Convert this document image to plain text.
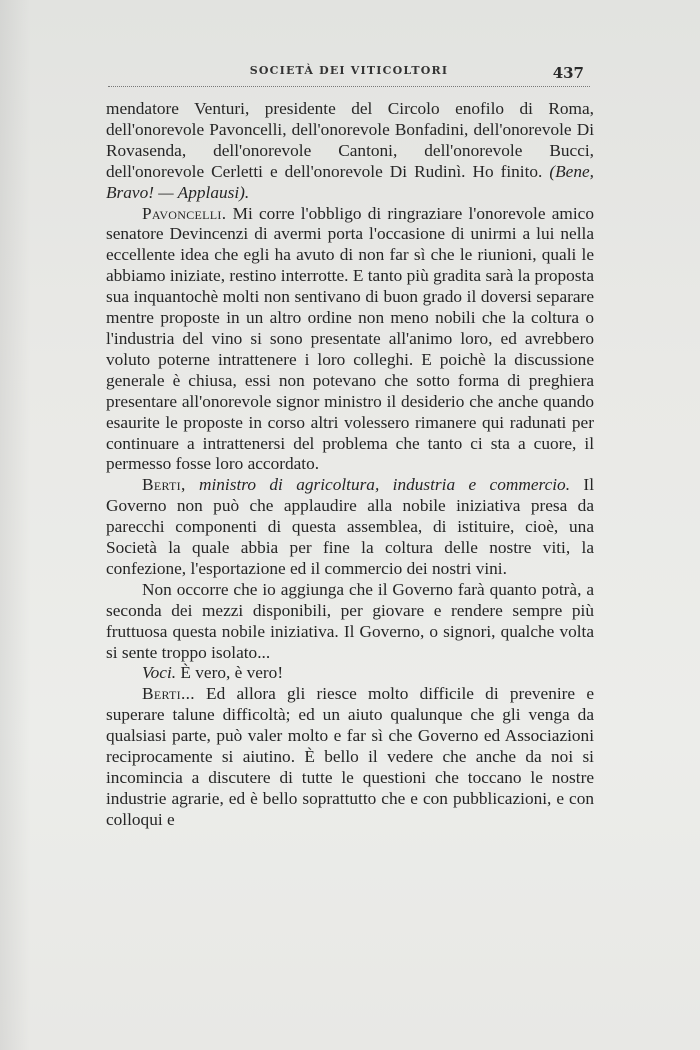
SOCIETÀ DEI VITICOLTORI	437

mendatore Venturi, presidente del Circolo enofilo di Roma, dell'onorevole Pavoncelli, dell'onorevole Bonfadini, dell'onorevole Di Rovasenda, dell'onorevole Cantoni, dell'onorevole Bucci, dell'onorevole Cerletti e dell'onorevole Di Rudinì. Ho finito. (Bene, Bravo! — Applausi).

Pavoncelli. Mi corre l'obbligo di ringraziare l'onorevole amico senatore Devincenzi di avermi porta l'occasione di unirmi a lui nella eccellente idea che egli ha avuto di non far sì che le riunioni, quali le abbiamo iniziate, restino interrotte. E tanto più gradita sarà la proposta sua inquantochè molti non sentivano di buon grado il doversi separare mentre proposte in un altro ordine non meno nobili che la coltura o l'industria del vino si sono presentate all'animo loro, ed avrebbero voluto poterne intrattenere i loro colleghi. E poichè la discussione generale è chiusa, essi non potevano che sotto forma di preghiera presentare all'onorevole signor ministro il desiderio che anche quando esaurite le proposte in corso altri volessero rimanere qui radunati per continuare a intrattenersi del problema che tanto ci sta a cuore, il permesso fosse loro accordato.

Berti, ministro di agricoltura, industria e commercio. Il Governo non può che applaudire alla nobile iniziativa presa da parecchi componenti di questa assemblea, di istituire, cioè, una Società la quale abbia per fine la coltura delle nostre viti, la confezione, l'esportazione ed il commercio dei nostri vini.

Non occorre che io aggiunga che il Governo farà quanto potrà, a seconda dei mezzi disponibili, per giovare e rendere sempre più fruttuosa questa nobile iniziativa. Il Governo, o signori, qualche volta si sente troppo isolato...

Voci. È vero, è vero!

Berti... Ed allora gli riesce molto difficile di prevenire e superare talune difficoltà; ed un aiuto qualunque che gli venga da qualsiasi parte, può valer molto e far sì che Governo ed Associazioni reciprocamente si aiutino. È bello il vedere che anche da noi si incomincia a discutere di tutte le questioni che toccano le nostre industrie agrarie, ed è bello soprattutto che e con pubblicazioni, e con colloqui e
